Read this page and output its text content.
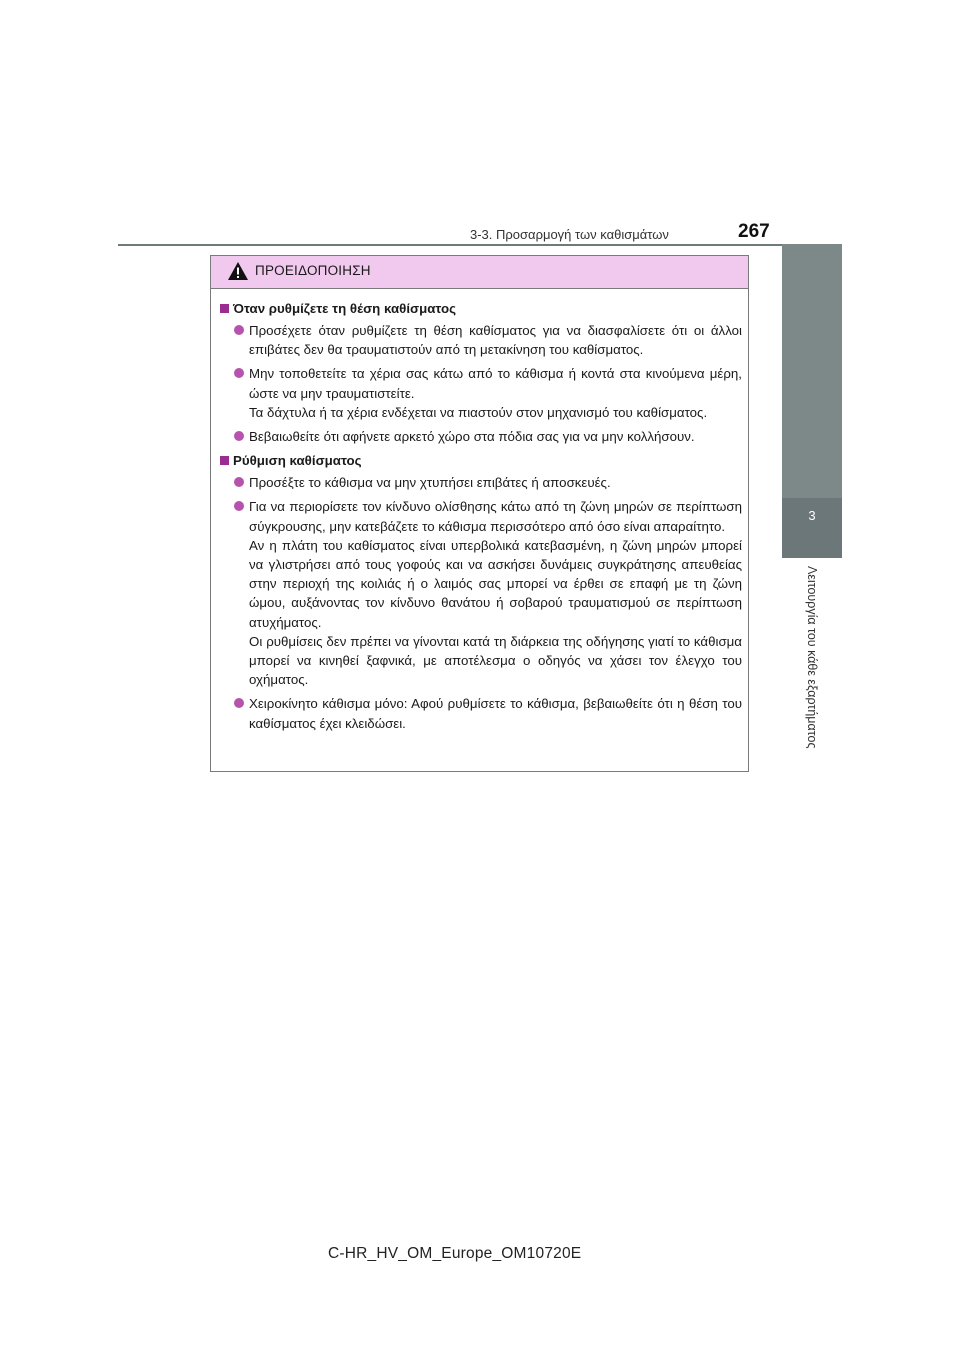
3-3. Προσαρμογή των καθισμάτων	267
3
Λειτουργία του κάθε εξαρτήματος
ΠΡΟΕΙΔΟΠΟΙΗΣΗ
Όταν ρυθμίζετε τη θέση καθίσματος

Προσέχετε όταν ρυθμίζετε τη θέση καθίσματος για να διασφαλίσετε ότι οι άλλοι επιβάτες δεν θα τραυματιστούν από τη μετακίνηση του καθίσματος.

Μην τοποθετείτε τα χέρια σας κάτω από το κάθισμα ή κοντά στα κινούμενα μέρη, ώστε να μην τραυματιστείτε.

Τα δάχτυλα ή τα χέρια ενδέχεται να πιαστούν στον μηχανισμό του καθίσματος.

Βεβαιωθείτε ότι αφήνετε αρκετό χώρο στα πόδια σας για να μην κολλήσουν.

Ρύθμιση καθίσματος

Προσέξτε το κάθισμα να μην χτυπήσει επιβάτες ή αποσκευές.

Για να περιορίσετε τον κίνδυνο ολίσθησης κάτω από τη ζώνη μηρών σε περίπτωση σύγκρουσης, μην κατεβάζετε το κάθισμα περισσότερο από όσο είναι απαραίτητο.

Αν η πλάτη του καθίσματος είναι υπερβολικά κατεβασμένη, η ζώνη μηρών μπορεί να γλιστρήσει από τους γοφούς και να ασκήσει δυνάμεις συγκράτησης απευθείας στην περιοχή της κοιλιάς ή ο λαιμός σας μπορεί να έρθει σε επαφή με τη ζώνη ώμου, αυξάνοντας τον κίνδυνο θανάτου ή σοβαρού τραυματισμού σε περίπτωση ατυχήματος.

Οι ρυθμίσεις δεν πρέπει να γίνονται κατά τη διάρκεια της οδήγησης γιατί το κάθισμα μπορεί να κινηθεί ξαφνικά, με αποτέλεσμα ο οδηγός να χάσει τον έλεγχο του οχήματος.

Χειροκίνητο κάθισμα μόνο: Αφού ρυθμίσετε το κάθισμα, βεβαιωθείτε ότι η θέση του καθίσματος έχει κλειδώσει.

C-HR_HV_OM_Europe_OM10720E
